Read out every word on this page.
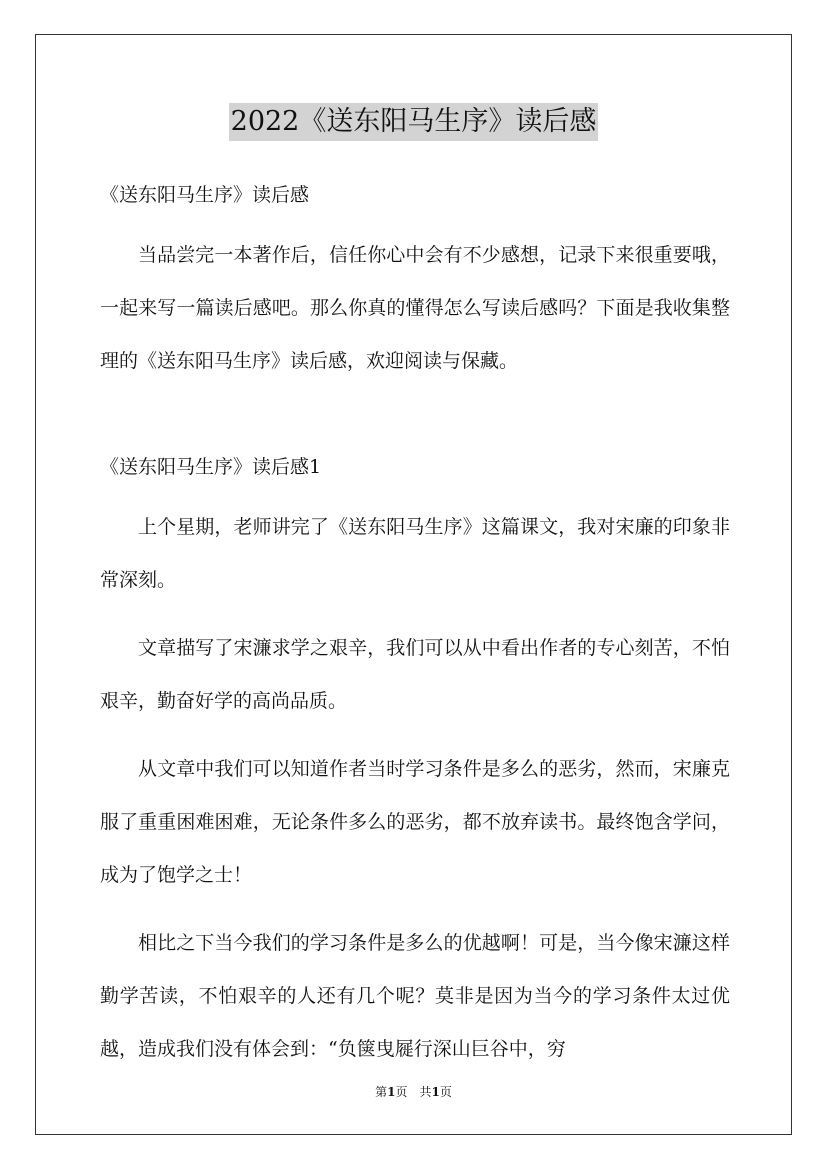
2022《送东阳马生序》读后感

《送东阳马生序》读后感

当品尝完一本著作后，信任你心中会有不少感想，记录下来很重要哦，一起来写一篇读后感吧。那么你真的懂得怎么写读后感吗？下面是我收集整理的《送东阳马生序》读后感，欢迎阅读与保藏。

《送东阳马生序》读后感1

上个星期，老师讲完了《送东阳马生序》这篇课文，我对宋廉的印象非常深刻。

文章描写了宋濂求学之艰辛，我们可以从中看出作者的专心刻苦，不怕艰辛，勤奋好学的高尚品质。

从文章中我们可以知道作者当时学习条件是多么的恶劣，然而，宋廉克服了重重困难困难，无论条件多么的恶劣，都不放弃读书。最终饱含学问，成为了饱学之士！

相比之下当今我们的学习条件是多么的优越啊！可是，当今像宋濂这样勤学苦读，不怕艰辛的人还有几个呢？莫非是因为当今的学习条件太过优越，造成我们没有体会到：“负箧曳屣行深山巨谷中，穷

第1页　共1页
